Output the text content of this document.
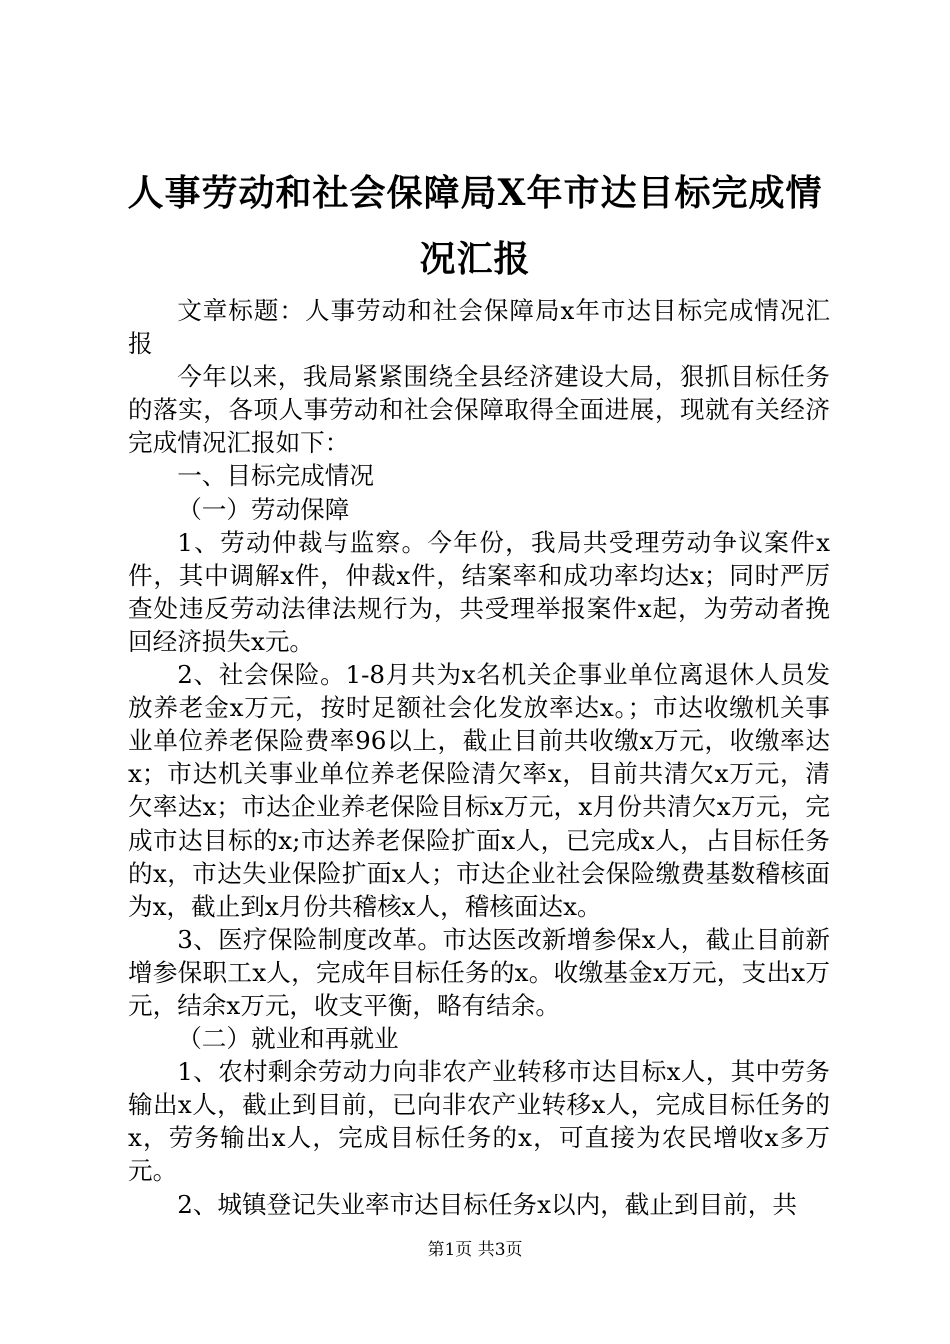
人事劳动和社会保障局X年市达目标完成情况汇报

文章标题：人事劳动和社会保障局x年市达目标完成情况汇报

今年以来，我局紧紧围绕全县经济建设大局，狠抓目标任务的落实，各项人事劳动和社会保障取得全面进展，现就有关经济完成情况汇报如下：

一、目标完成情况

（一）劳动保障

1、劳动仲裁与监察。今年份，我局共受理劳动争议案件x件，其中调解x件，仲裁x件，结案率和成功率均达x；同时严厉查处违反劳动法律法规行为，共受理举报案件x起，为劳动者挽回经济损失x元。

2、社会保险。1-8月共为x名机关企事业单位离退休人员发放养老金x万元，按时足额社会化发放率达x。；市达收缴机关事业单位养老保险费率96以上，截止目前共收缴x万元，收缴率达x；市达机关事业单位养老保险清欠率x，目前共清欠x万元，清欠率达x；市达企业养老保险目标x万元，x月份共清欠x万元，完成市达目标的x;市达养老保险扩面x人，已完成x人，占目标任务的x，市达失业保险扩面x人；市达企业社会保险缴费基数稽核面为x，截止到x月份共稽核x人，稽核面达x。

3、医疗保险制度改革。市达医改新增参保x人，截止目前新增参保职工x人，完成年目标任务的x。收缴基金x万元，支出x万元，结余x万元，收支平衡，略有结余。

（二）就业和再就业

1、农村剩余劳动力向非农产业转移市达目标x人，其中劳务输出x人，截止到目前，已向非农产业转移x人，完成目标任务的x，劳务输出x人，完成目标任务的x，可直接为农民增收x多万元。

2、城镇登记失业率市达目标任务x以内，截止到目前，共

第1页 共3页
